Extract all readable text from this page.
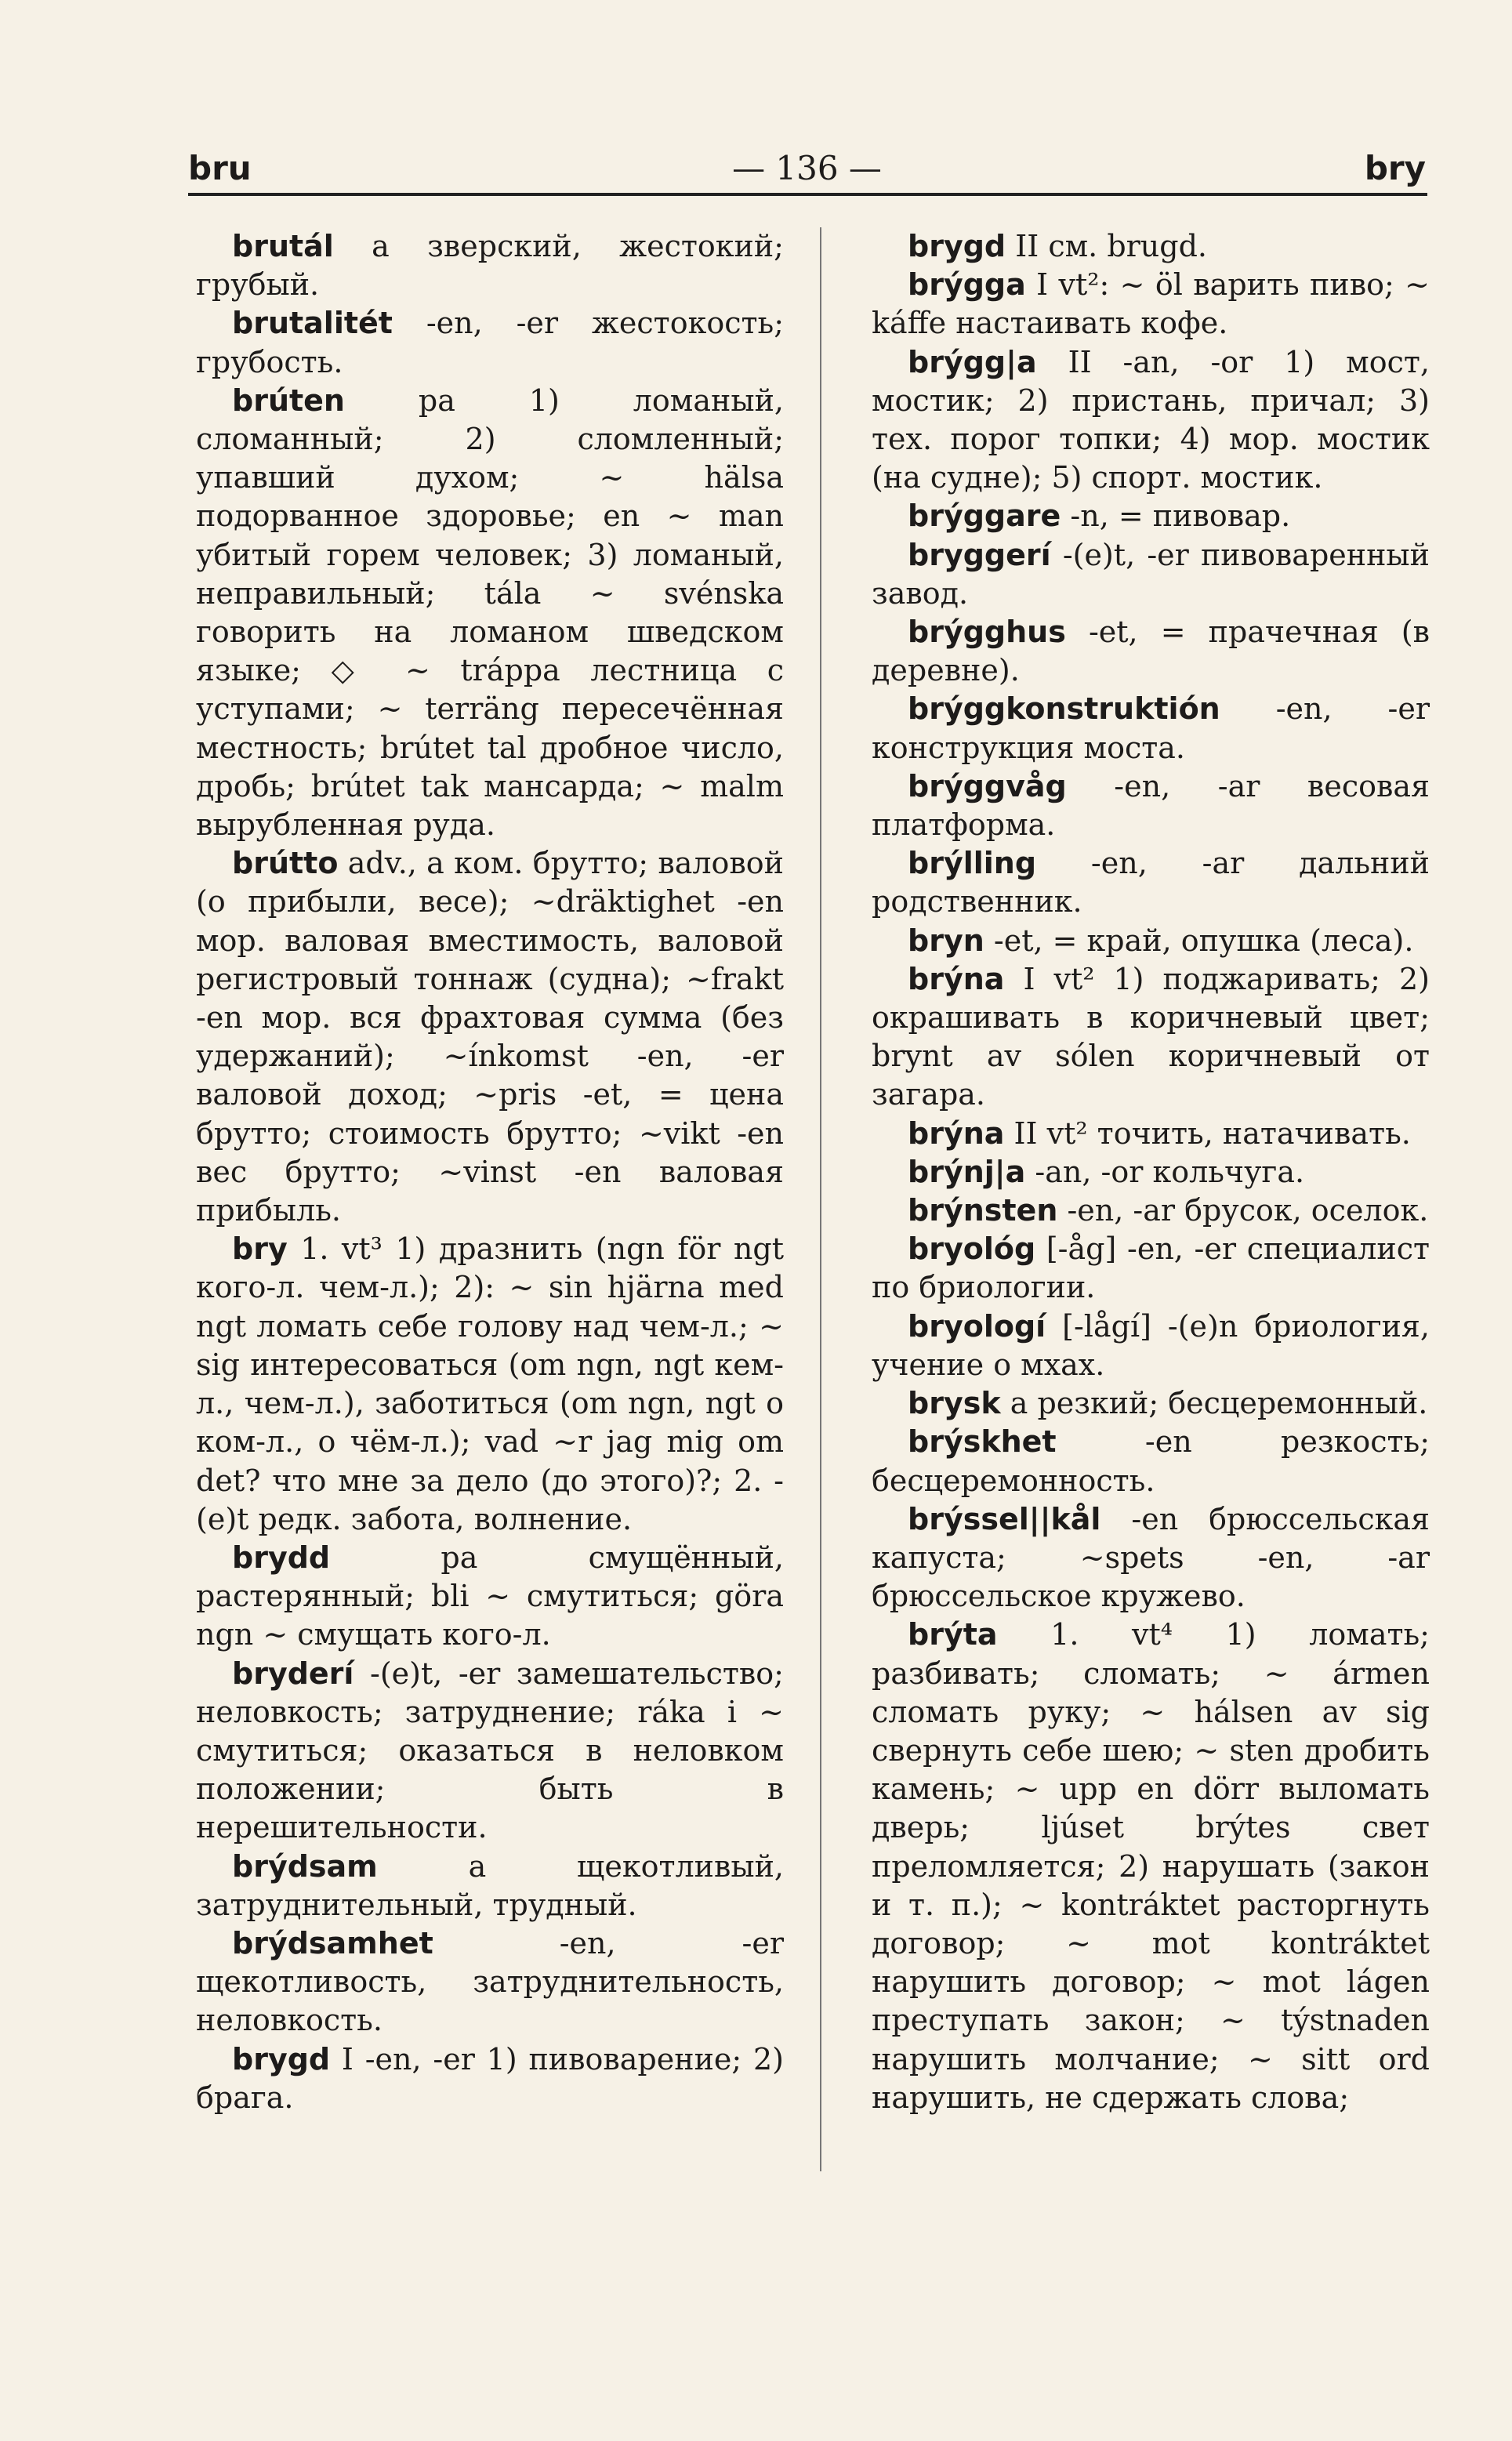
bru	— 136 —	bry

brutál a зверский, жестокий; грубый.

brutalitét -en, -er жестокость; грубость.

brúten pa 1) ломаный, сломанный; 2) сломленный; упавший духом; ~ hälsa подорванное здоровье; en ~ man убитый горем человек; 3) ломаный, неправильный; tála ~ svénska говорить на ломаном шведском языке; ◇ ~ tráppa лестница с уступами; ~ terräng пересечённая местность; brútet tal дробное число, дробь; brútet tak мансарда; ~ malm вырубленная руда.

brútto adv., a ком. брутто; валовой (о прибыли, весе); ~dräktighet -en мор. валовая вместимость, валовой регистровый тоннаж (судна); ~frakt -en мор. вся фрахтовая сумма (без удержаний); ~ínkomst -en, -er валовой доход; ~pris -et, = цена брутто; стоимость брутто; ~vikt -en вес брутто; ~vinst -en валовая прибыль.

bry 1. vt³ 1) дразнить (ngn för ngt кого-л. чем-л.); 2): ~ sin hjärna med ngt ломать себе голову над чем-л.; ~ sig интересоваться (om ngn, ngt кем-л., чем-л.), заботиться (om ngn, ngt о ком-л., о чём-л.); vad ~r jag mig om det? что мне за дело (до этого)?; 2. -(e)t редк. забота, волнение.

brydd	pa смущённый, растерянный; bli ~ смутиться; göra ngn ~ смущать кого-л.

bryderí -(e)t, -er замешательство; неловкость; затруднение; ráka i ~ смутиться; оказаться в неловком положении; быть в нерешительности.

brýdsam	a щекотливый, затруднительный, трудный.

brýdsamhet	-en, -er щекотливость, затруднительность, неловкость.

brygd I -en, -er 1) пивоварение; 2) брага.

brygd II см. brugd.

brýgga I vt²: ~ öl варить пиво; ~ káffe настаивать кофе.

brýgg|a II -an, -or 1) мост, мостик; 2) пристань, причал; 3) тех. порог топки; 4) мор. мостик (на судне); 5) спорт. мостик.

brýggare -n, = пивовар.

bryggerí -(e)t, -er пивоваренный завод.

brýgghus -et, = прачечная (в деревне).

brýggkonstruktión -en, -er конструкция моста.

brýggvåg -en, -ar весовая платформа.

brýlling -en, -ar дальний родственник.

bryn -et, = край, опушка (леса).

brýna I vt² 1) поджаривать; 2) окрашивать в коричневый цвет; brynt av sólen коричневый от загара.

brýna II vt² точить, натачивать.

brýnj|a -an, -or кольчуга.

brýnsten -en, -ar брусок, оселок.

bryológ [-åg] -en, -er специалист по бриологии.

bryologí [-lågí] -(e)n бриология, учение о мхах.

brysk a резкий; бесцеремонный.

brýskhet	-en резкость; бесцеремонность.

brýssel||kål -en брюссельская капуста; ~spets -en, -ar брюссельское кружево.

brýta 1. vt⁴ 1) ломать; разбивать; сломать; ~ ármen сломать руку; ~ hálsen av sig свернуть себе шею; ~ sten дробить камень; ~ upp en dörr выломать дверь; ljúset brýtes свет преломляется; 2) нарушать (закон и т. п.); ~ kontráktet расторгнуть договор; ~ mot kontráktet нарушить договор; ~ mot lágen преступать закон; ~ týstnaden нарушить молчание; ~ sitt ord нарушить, не сдержать слова;
